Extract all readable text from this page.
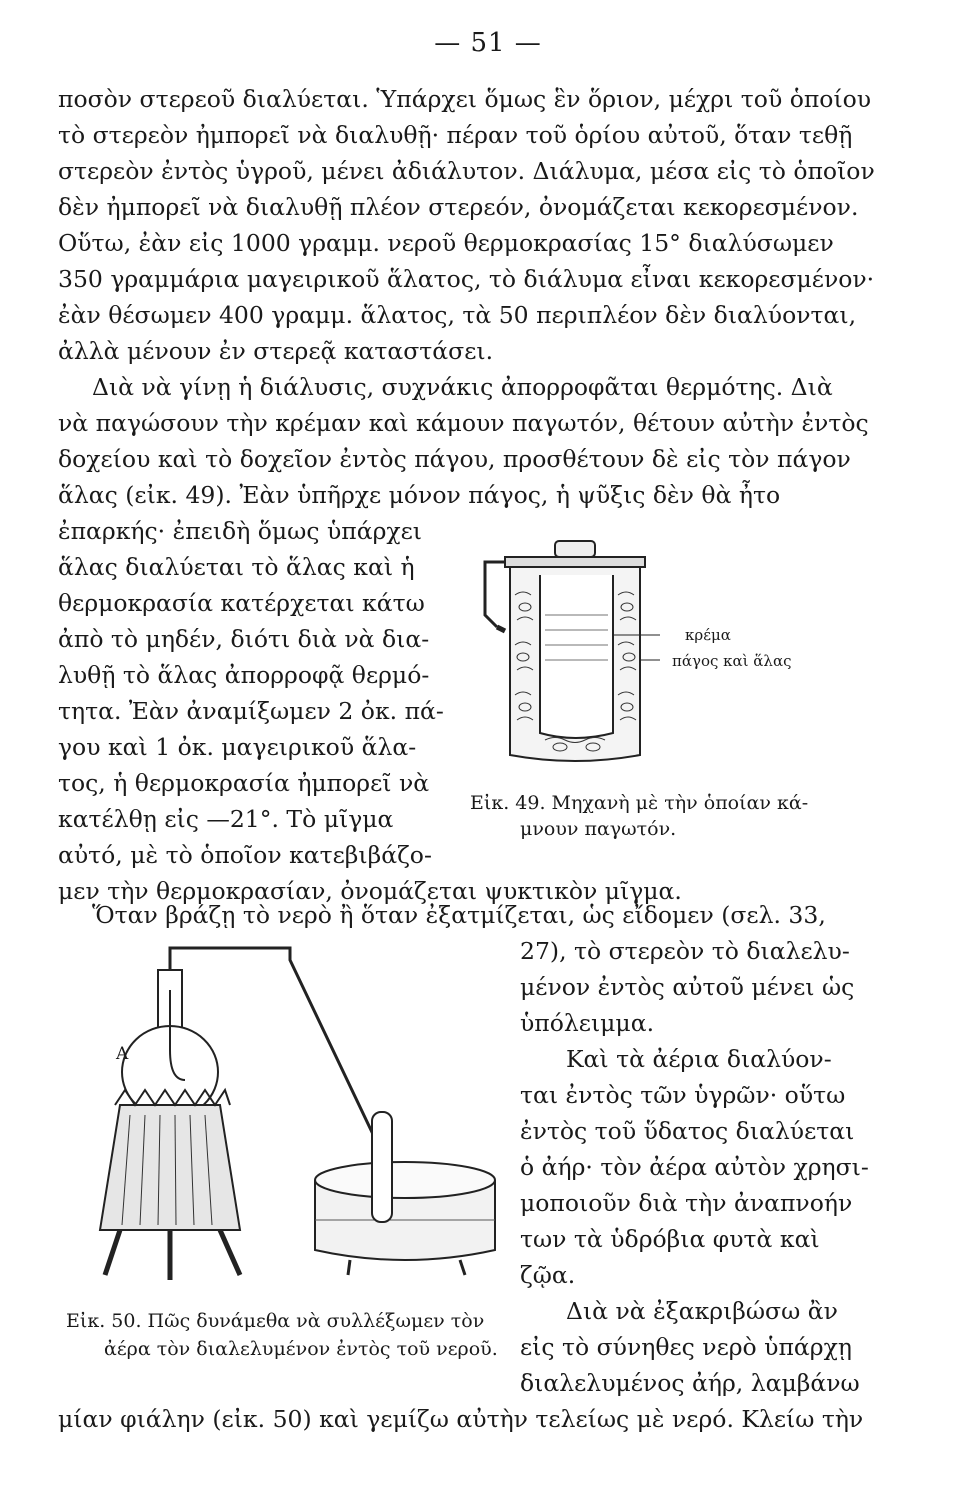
— 51 —
ποσὸν στερεοῦ διαλύεται. Ὑπάρχει ὅμως ἓν ὅριον, μέχρι τοῦ ὁποίου
τὸ στερεὸν ἠμπορεῖ νὰ διαλυθῇ· πέραν τοῦ ὁρίου αὐτοῦ, ὅταν τεθῇ
στερεὸν ἐντὸς ὑγροῦ, μένει ἀδιάλυτον. Διάλυμα, μέσα εἰς τὸ ὁποῖον
δὲν ἠμπορεῖ νὰ διαλυθῇ πλέον στερεόν, ὀνομάζεται κεκορεσμένον.
Οὕτω, ἐὰν εἰς 1000 γραμμ. νεροῦ θερμοκρασίας 15° διαλύσωμεν
350 γραμμάρια μαγειρικοῦ ἅλατος, τὸ διάλυμα εἶναι κεκορεσμένον·
ἐὰν θέσωμεν 400 γραμμ. ἅλατος, τὰ 50 περιπλέον δὲν διαλύονται,
ἀλλὰ μένουν ἐν στερεᾷ καταστάσει.
Διὰ νὰ γίνῃ ἡ διάλυσις, συχνάκις ἀπορροφᾶται θερμότης. Διὰ
νὰ παγώσουν τὴν κρέμαν καὶ κάμουν παγωτόν, θέτουν αὐτὴν ἐντὸς
δοχείου καὶ τὸ δοχεῖον ἐντὸς πάγου, προσθέτουν δὲ εἰς τὸν πάγον
ἅλας (εἰκ. 49). Ἐὰν ὑπῆρχε μόνον πάγος, ἡ ψῦξις δὲν θὰ ἦτο
ἐπαρκής· ἐπειδὴ ὅμως ὑπάρχει
ἅλας διαλύεται τὸ ἅλας καὶ ἡ
θερμοκρασία κατέρχεται κάτω
ἀπὸ τὸ μηδέν, διότι διὰ νὰ δια-
λυθῇ τὸ ἅλας ἀπορροφᾷ θερμό-
τητα. Ἐὰν ἀναμίξωμεν 2 ὀκ. πά-
γου καὶ 1 ὀκ. μαγειρικοῦ ἅλα-
τος, ἡ θερμοκρασία ἠμπορεῖ νὰ
κατέλθῃ εἰς —21°. Τὸ μῖγμα
αὐτό, μὲ τὸ ὁποῖον κατεβιβάζο-
μεν τὴν θερμοκρασίαν, ὀνομάζεται ψυκτικὸν μῖγμα.
κρέμα
πάγος καὶ ἅλας
Εἰκ. 49. Μηχανὴ μὲ τὴν ὁποίαν κά-
μνουν παγωτόν.
Ὅταν βράζῃ τὸ νερὸ ἢ ὅταν ἐξατμίζεται, ὡς εἴδομεν (σελ. 33,
27), τὸ στερεὸν τὸ διαλελυ-
μένον ἐντὸς αὐτοῦ μένει ὡς
ὑπόλειμμα.
Καὶ τὰ ἀέρια διαλύον-
ται ἐντὸς τῶν ὑγρῶν· οὕτω
ἐντὸς τοῦ ὕδατος διαλύεται
ὁ ἀήρ· τὸν ἀέρα αὐτὸν χρησι-
μοποιοῦν διὰ τὴν ἀναπνοήν
των τὰ ὑδρόβια φυτὰ καὶ
ζῷα.
Διὰ νὰ ἐξακριβώσω ἂν
εἰς τὸ σύνηθες νερὸ ὑπάρχῃ
διαλελυμένος ἀήρ, λαμβάνω
A
Εἰκ. 50. Πῶς δυνάμεθα νὰ συλλέξωμεν τὸν
ἀέρα τὸν διαλελυμένον ἐντὸς τοῦ νεροῦ.
μίαν φιάλην (εἰκ. 50) καὶ γεμίζω αὐτὴν τελείως μὲ νερό. Κλείω τὴν
